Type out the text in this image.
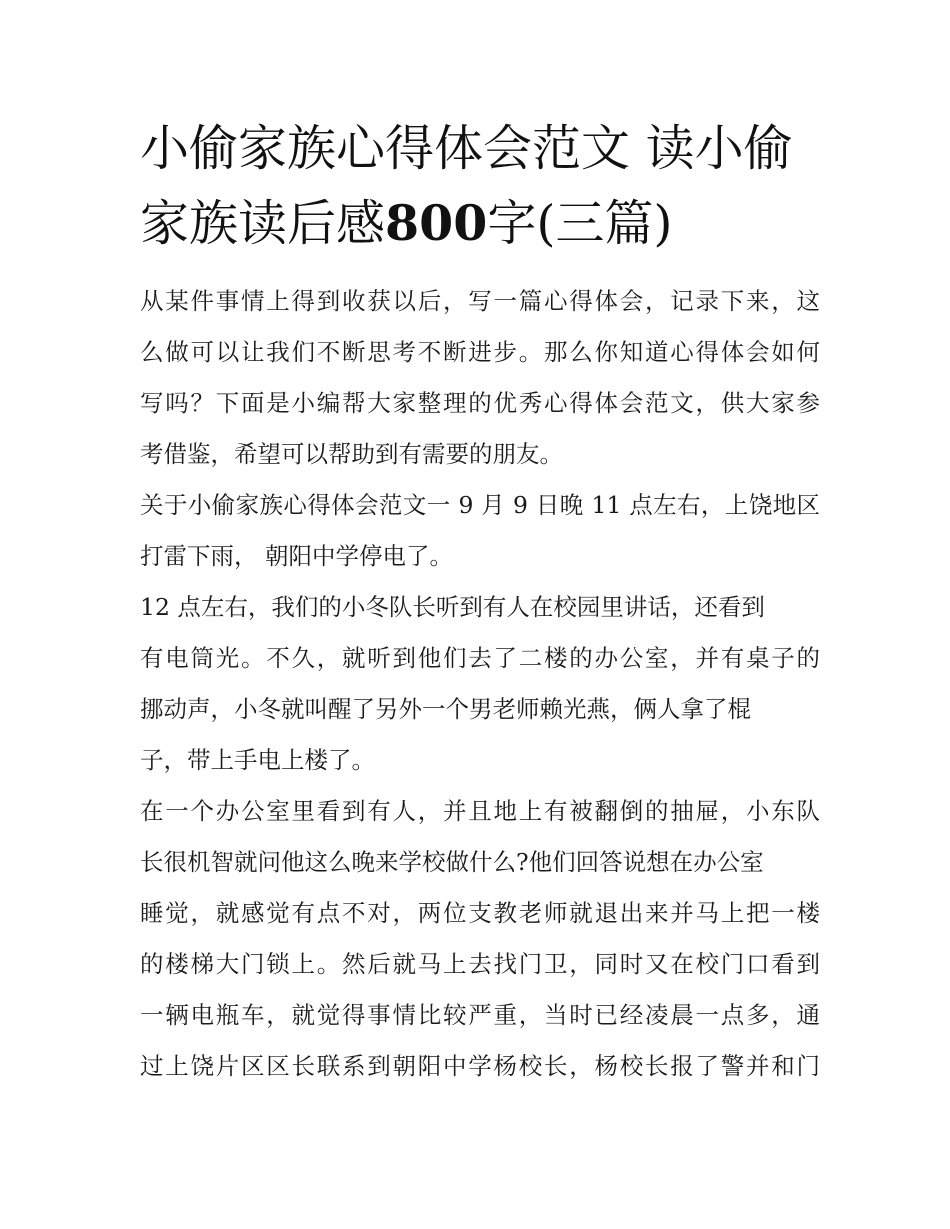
小偷家族心得体会范文 读小偷
家族读后感800字(三篇)
从某件事情上得到收获以后，写一篇心得体会，记录下来，这
么做可以让我们不断思考不断进步。那么你知道心得体会如何
写吗？下面是小编帮大家整理的优秀心得体会范文，供大家参
考借鉴，希望可以帮助到有需要的朋友。
关于小偷家族心得体会范文一 9 月 9 日晚 11 点左右，上饶地区
打雷下雨， 朝阳中学停电了。
12 点左右，我们的小冬队长听到有人在校园里讲话，还看到
有电筒光。不久，就听到他们去了二楼的办公室，并有桌子的
挪动声，小冬就叫醒了另外一个男老师赖光燕，俩人拿了棍
子，带上手电上楼了。
在一个办公室里看到有人，并且地上有被翻倒的抽屉，小东队
长很机智就问他这么晚来学校做什么?他们回答说想在办公室
睡觉，就感觉有点不对，两位支教老师就退出来并马上把一楼
的楼梯大门锁上。然后就马上去找门卫，同时又在校门口看到
一辆电瓶车，就觉得事情比较严重，当时已经凌晨一点多，通
过上饶片区区长联系到朝阳中学杨校长，杨校长报了警并和门
